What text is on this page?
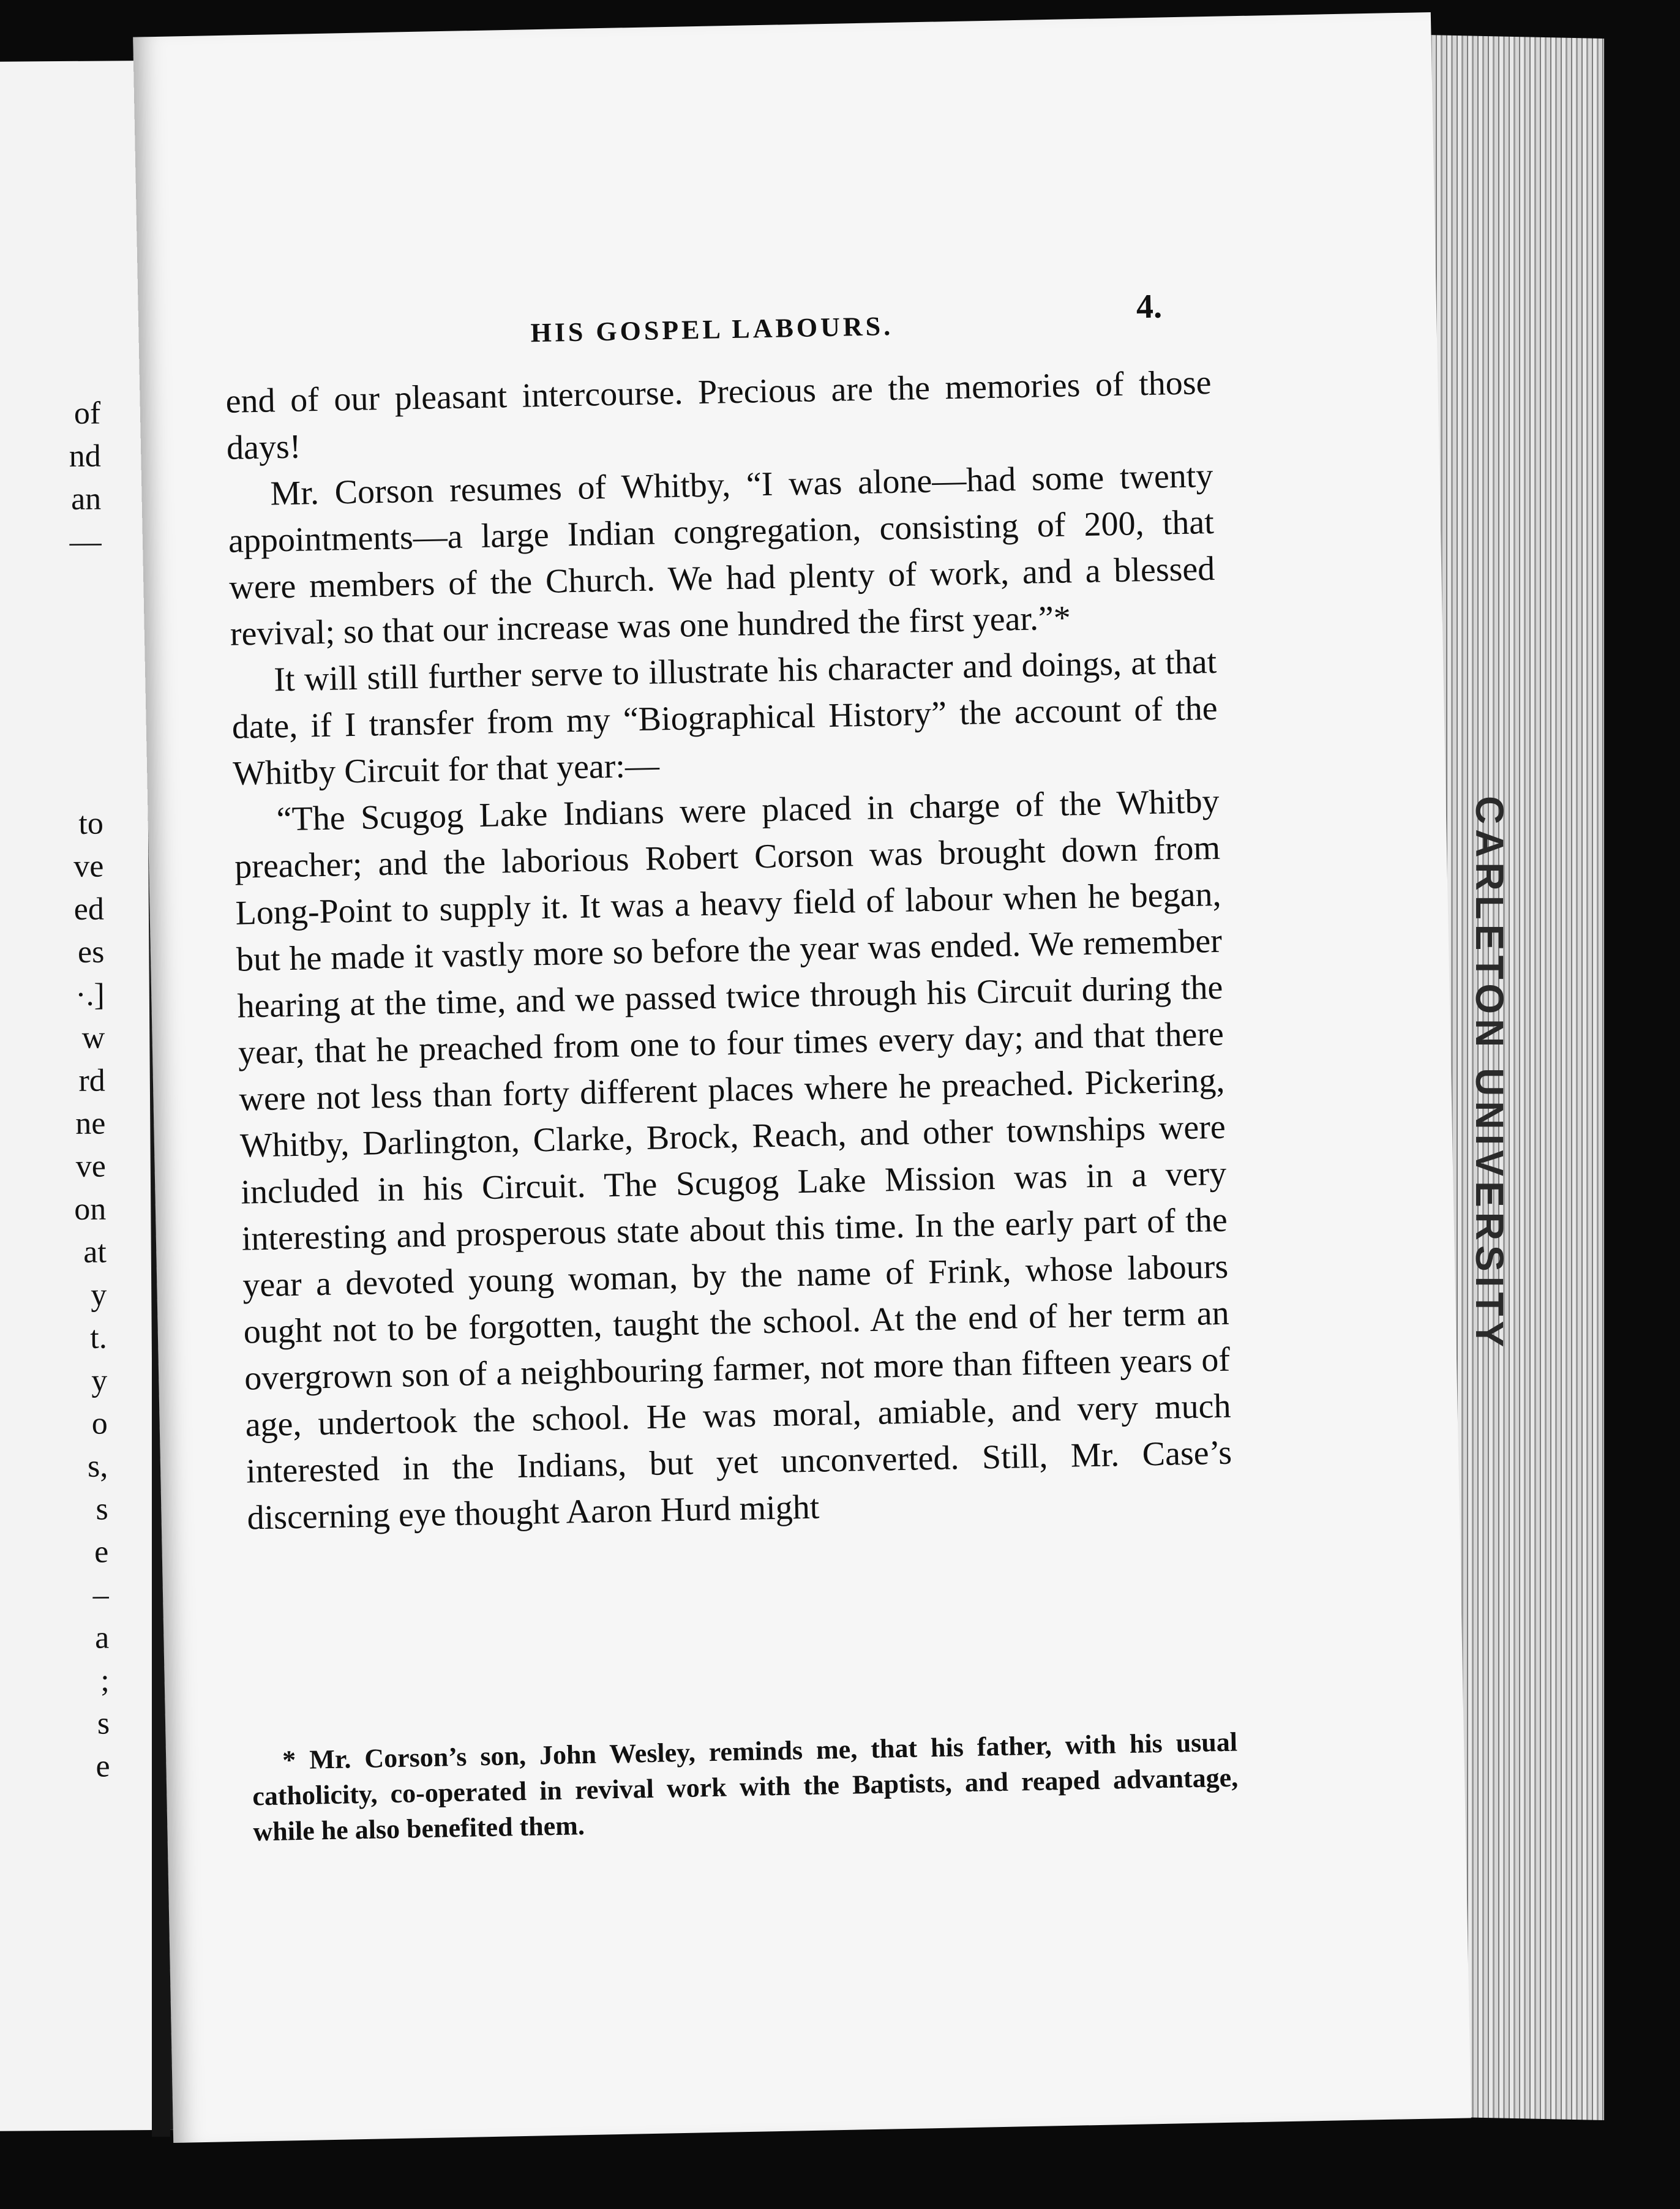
of
nd
an
—
to
ve
ed
es
·.]
w
rd
ne
ve
on
at
y
t.
y
o
s,
s
e
–
a
;
s
e
CARLETON UNIVERSITY
HIS GOSPEL LABOURS.
4.

end of our pleasant intercourse. Precious are the memories of those days!

Mr. Corson resumes of Whitby, “I was alone—had some twenty appointments—a large Indian congregation, consisting of 200, that were members of the Church. We had plenty of work, and a blessed revival; so that our increase was one hundred the first year.”*

It will still further serve to illustrate his character and doings, at that date, if I transfer from my “Biographical History” the account of the Whitby Circuit for that year:—

“The Scugog Lake Indians were placed in charge of the Whitby preacher; and the laborious Robert Corson was brought down from Long-Point to supply it. It was a heavy field of labour when he began, but he made it vastly more so before the year was ended. We remember hearing at the time, and we passed twice through his Circuit during the year, that he preached from one to four times every day; and that there were not less than forty different places where he preached. Pickering, Whitby, Darlington, Clarke, Brock, Reach, and other townships were included in his Circuit. The Scugog Lake Mission was in a very interesting and prosperous state about this time. In the early part of the year a devoted young woman, by the name of Frink, whose labours ought not to be forgotten, taught the school. At the end of her term an overgrown son of a neighbouring farmer, not more than fifteen years of age, undertook the school. He was moral, amiable, and very much interested in the Indians, but yet unconverted. Still, Mr. Case’s discerning eye thought Aaron Hurd might

* Mr. Corson’s son, John Wesley, reminds me, that his father, with his usual catholicity, co-operated in revival work with the Baptists, and reaped advantage, while he also benefited them.
